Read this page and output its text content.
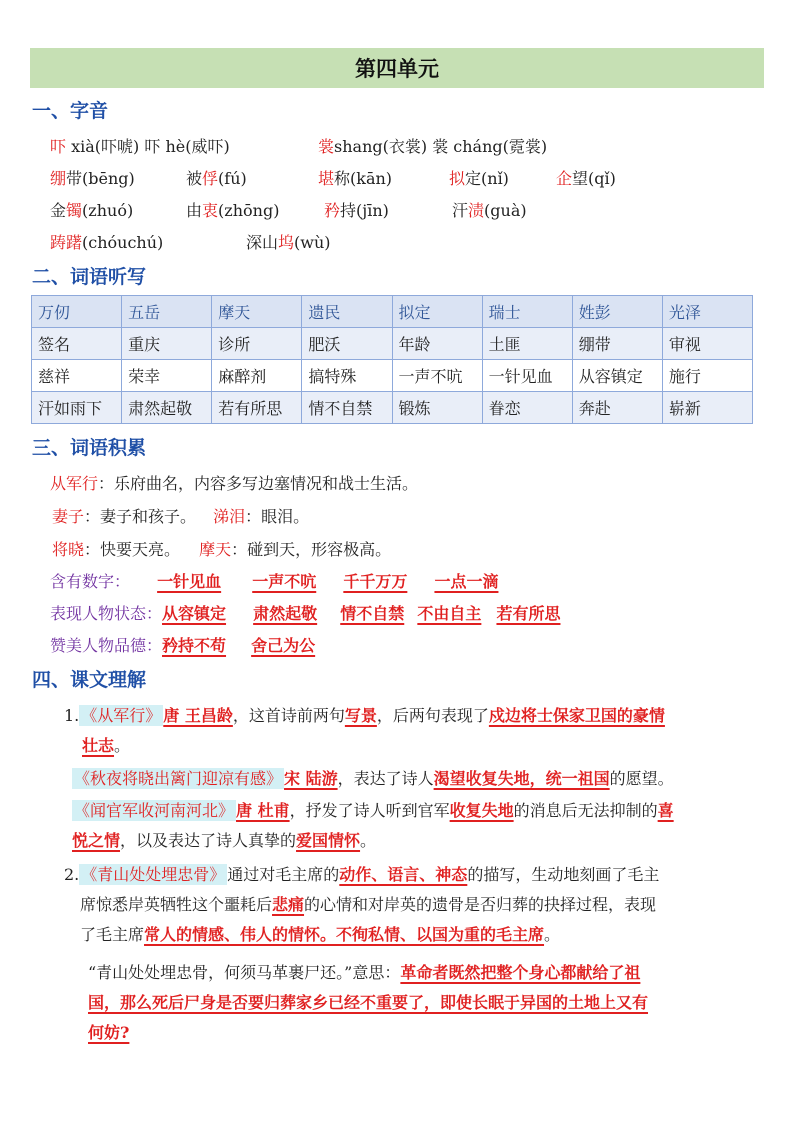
第四单元
一、字音
吓 xià(吓唬) 吓 hè(威吓)	裳shang(衣裳) 裳 cháng(霓裳)
绷带(bēng)	被俘(fú)	堪称(kān)	拟定(nǐ)	企望(qǐ)
金镯(zhuó)	由衷(zhōng)	矜持(jīn)	汗渍(guà)
踌躇(chóuchú)	深山坞(wù)
二、词语听写
万仞	五岳	摩天	遗民	拟定	瑞士	姓彭	光泽
签名	重庆	诊所	肥沃	年龄	土匪	绷带	审视
慈祥	荣幸	麻醉剂	搞特殊	一声不吭	一针见血	从容镇定	施行
汗如雨下	肃然起敬	若有所思	情不自禁	锻炼	眷恋	奔赴	崭新
三、词语积累
从军行：乐府曲名，内容多写边塞情况和战士生活。
妻子：妻子和孩子。 涕泪：眼泪。
将晓：快要天亮。 摩天：碰到天，形容极高。
含有数字： 一针见血 一声不吭 千千万万 一点一滴
表现人物状态：从容镇定 肃然起敬 情不自禁 不由自主 若有所思
赞美人物品德：矜持不苟 舍己为公
四、课文理解
1. 《从军行》 唐 王昌龄，这首诗前两句写景，后两句表现了戍边将士保家卫国的豪情
壮志。
《秋夜将晓出篱门迎凉有感》 宋 陆游，表达了诗人渴望收复失地，统一祖国的愿望。
《闻官军收河南河北》 唐 杜甫，抒发了诗人听到官军收复失地的消息后无法抑制的喜
悦之情，以及表达了诗人真挚的爱国情怀。
2. 《青山处处埋忠骨》 通过对毛主席的动作、语言、神态的描写，生动地刻画了毛主
席惊悉岸英牺牲这个噩耗后悲痛的心情和对岸英的遗骨是否归葬的抉择过程，表现
了毛主席常人的情感、伟人的情怀。不徇私情、以国为重的毛主席。
“青山处处埋忠骨，何须马革裹尸还。”意思：革命者既然把整个身心都献给了祖
国，那么死后尸身是否要归葬家乡已经不重要了，即使长眠于异国的土地上又有
何妨?
